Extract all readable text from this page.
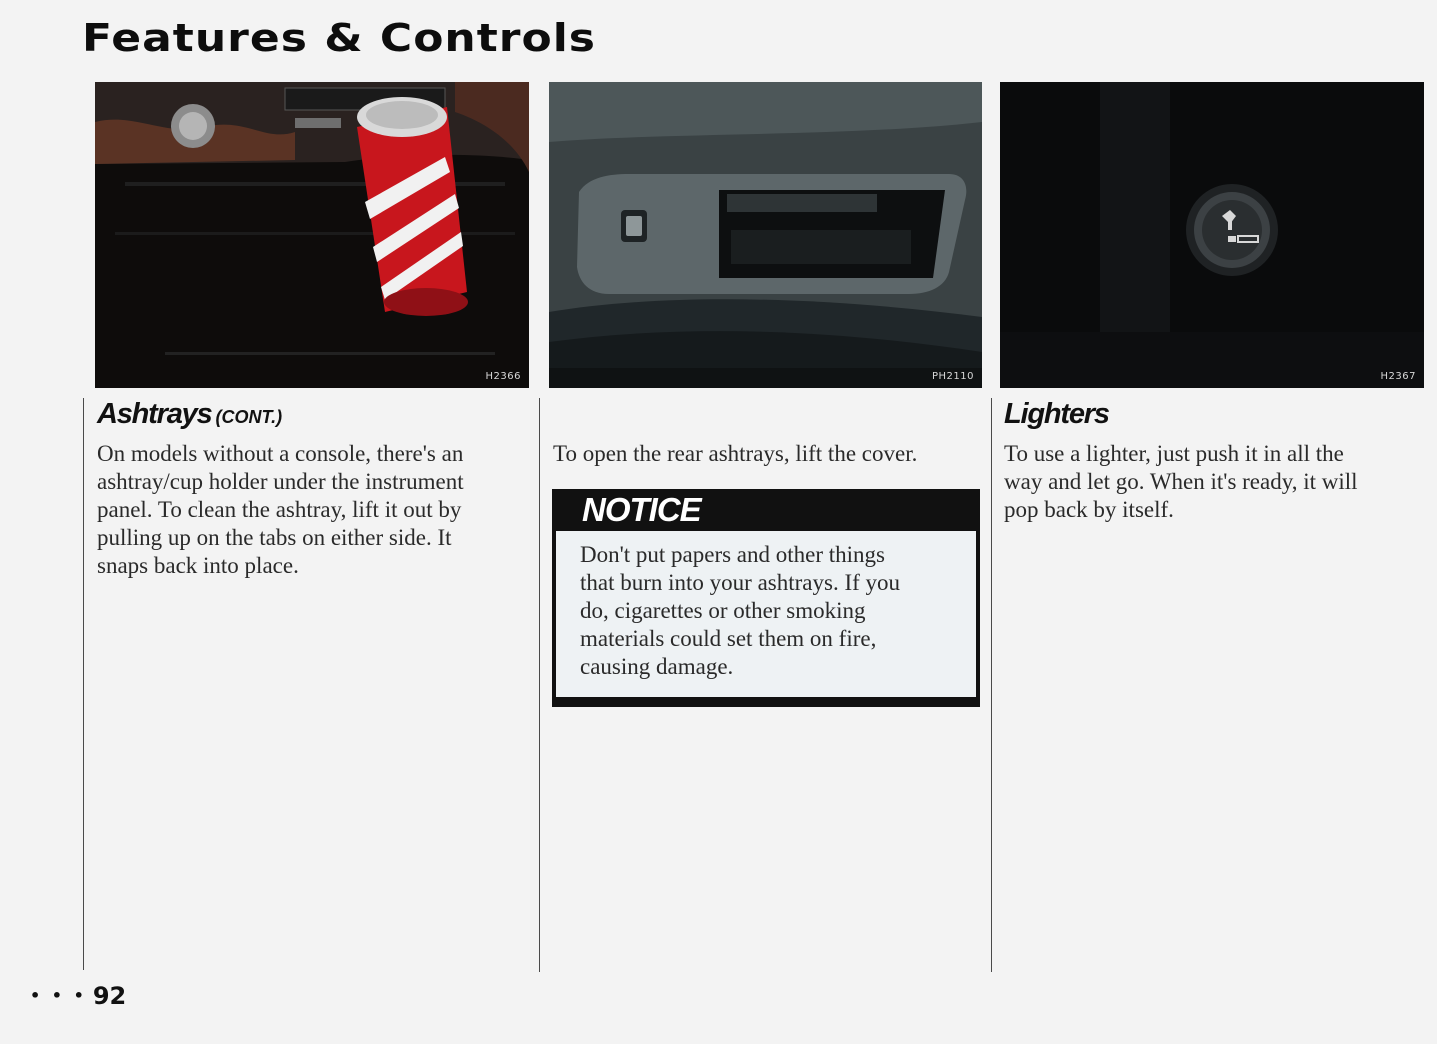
Features & Controls
H2366	PH2110	H2367
Ashtrays (CONT.)
On models without a console, there's an
ashtray/cup holder under the instrument
panel. To clean the ashtray, lift it out by
pulling up on the tabs on either side. It
snaps back into place.
To open the rear ashtrays, lift the cover.
NOTICE
Don't put papers and other things
that burn into your ashtrays. If you
do, cigarettes or other smoking
materials could set them on fire,
causing damage.
Lighters
To use a lighter, just push it in all the
way and let go. When it's ready, it will
pop back by itself.
• • • 92
